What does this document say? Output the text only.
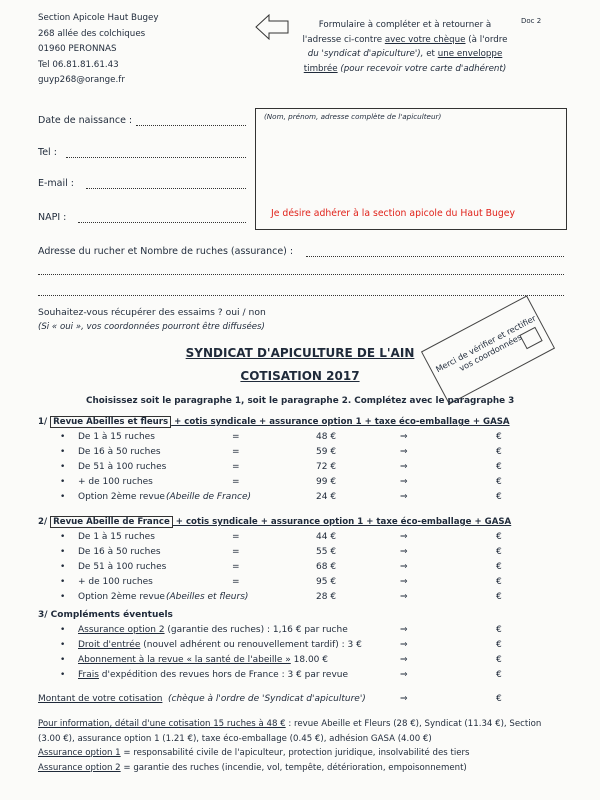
Section Apicole Haut Bugey
268 allée des colchiques
01960 PERONNAS
Tel 06.81.81.61.43
guyp268@orange.fr
Formulaire à compléter et à retourner à
l'adresse ci-contre avec votre chèque (à l'ordre
du 'syndicat d'apiculture'), et une enveloppe
timbrée (pour recevoir votre carte d'adhérent)
Doc 2
Date de naissance :
Tel :
E-mail :
NAPI :
(Nom, prénom, adresse complète de l'apiculteur)
Je désire adhérer à la section apicole du Haut Bugey
Adresse du rucher et Nombre de ruches (assurance) :
Souhaitez-vous récupérer des essaims ? oui / non
(Si « oui », vos coordonnées pourront être diffusées)	Merci de vérifier et rectifier vos coordonnées
SYNDICAT D'APICULTURE DE L'AIN
COTISATION 2017
Choisissez soit le paragraphe 1, soit le paragraphe 2. Complétez avec le paragraphe 3
1/ Revue Abeilles et fleurs + cotis syndicale + assurance option 1 + taxe éco-emballage + GASA
• De 1 à 15 ruches	=	48 €	⇒	€
• De 16 à 50 ruches	=	59 €	⇒	€
• De 51 à 100 ruches	=	72 €	⇒	€
• + de 100 ruches	=	99 €	⇒	€
• Option 2ème revue (Abeille de France)	24 €	⇒	€
2/ Revue Abeille de France + cotis syndicale + assurance option 1 + taxe éco-emballage + GASA
• De 1 à 15 ruches	=	44 €	⇒	€
• De 16 à 50 ruches	=	55 €	⇒	€
• De 51 à 100 ruches	=	68 €	⇒	€
• + de 100 ruches	=	95 €	⇒	€
• Option 2ème revue (Abeilles et fleurs)	28 €	⇒	€
3/ Compléments éventuels
• Assurance option 2 (garantie des ruches) : 1,16 € par ruche	⇒	€
• Droit d'entrée (nouvel adhérent ou renouvellement tardif) : 3 €	⇒	€
• Abonnement à la revue « la santé de l'abeille » 18.00 €	⇒	€
• Frais d'expédition des revues hors de France : 3 € par revue	⇒	€
Montant de votre cotisation (chèque à l'ordre de 'Syndicat d'apiculture')	⇒	€
Pour information, détail d'une cotisation 15 ruches à 48 € : revue Abeille et Fleurs (28 €), Syndicat (11.34 €), Section (3.00 €), assurance option 1 (1.21 €), taxe éco-emballage (0.45 €), adhésion GASA (4.00 €)
Assurance option 1 = responsabilité civile de l'apiculteur, protection juridique, insolvabilité des tiers
Assurance option 2 = garantie des ruches (incendie, vol, tempête, détérioration, empoisonnement)
